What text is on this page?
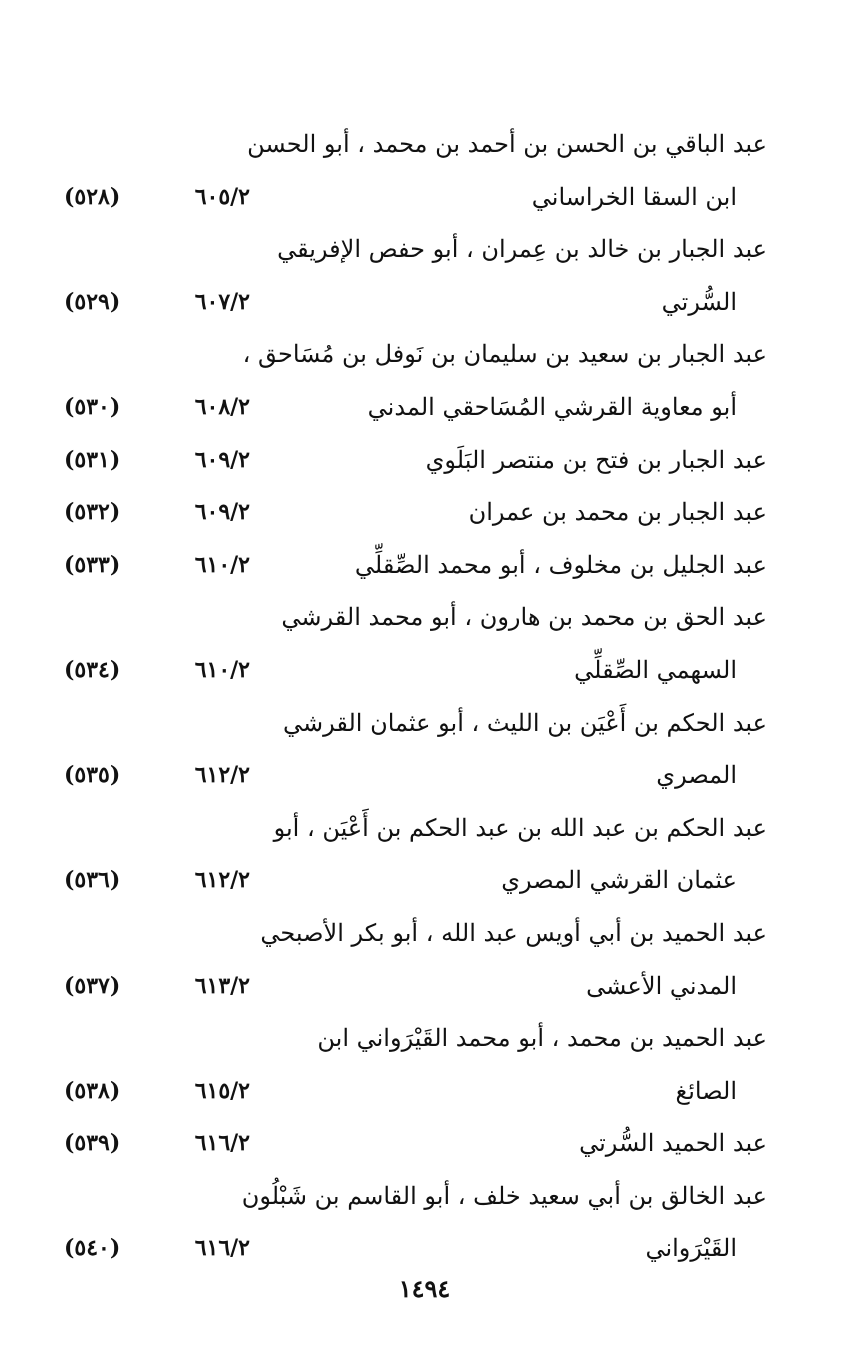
عبد الباقي بن الحسن بن أحمد بن محمد ، أبو الحسن
ابن السقا الخراساني
٦٠٥/٢
(٥٢٨)
عبد الجبار بن خالد بن عِمران ، أبو حفص الإفريقي
السُّرتي
٦٠٧/٢
(٥٢٩)
عبد الجبار بن سعيد بن سليمان بن نَوفل بن مُسَاحق ،
أبو معاوية القرشي المُسَاحقي المدني
٦٠٨/٢
(٥٣٠)
عبد الجبار بن فتح بن منتصر البَلَوي
٦٠٩/٢
(٥٣١)
عبد الجبار بن محمد بن عمران
٦٠٩/٢
(٥٣٢)
عبد الجليل بن مخلوف ، أبو محمد الصِّقلِّي
٦١٠/٢
(٥٣٣)
عبد الحق بن محمد بن هارون ، أبو محمد القرشي
السهمي الصِّقلِّي
٦١٠/٢
(٥٣٤)
عبد الحكم بن أَعْيَن بن الليث ، أبو عثمان القرشي
المصري
٦١٢/٢
(٥٣٥)
عبد الحكم بن عبد الله بن عبد الحكم بن أَعْيَن ، أبو
عثمان القرشي المصري
٦١٢/٢
(٥٣٦)
عبد الحميد بن أبي أويس عبد الله ، أبو بكر الأصبحي
المدني الأعشى
٦١٣/٢
(٥٣٧)
عبد الحميد بن محمد ، أبو محمد القَيْرَواني ابن
الصائغ
٦١٥/٢
(٥٣٨)
عبد الحميد السُّرتي
٦١٦/٢
(٥٣٩)
عبد الخالق بن أبي سعيد خلف ، أبو القاسم بن شَبْلُون
القَيْرَواني
٦١٦/٢
(٥٤٠)
١٤٩٤
